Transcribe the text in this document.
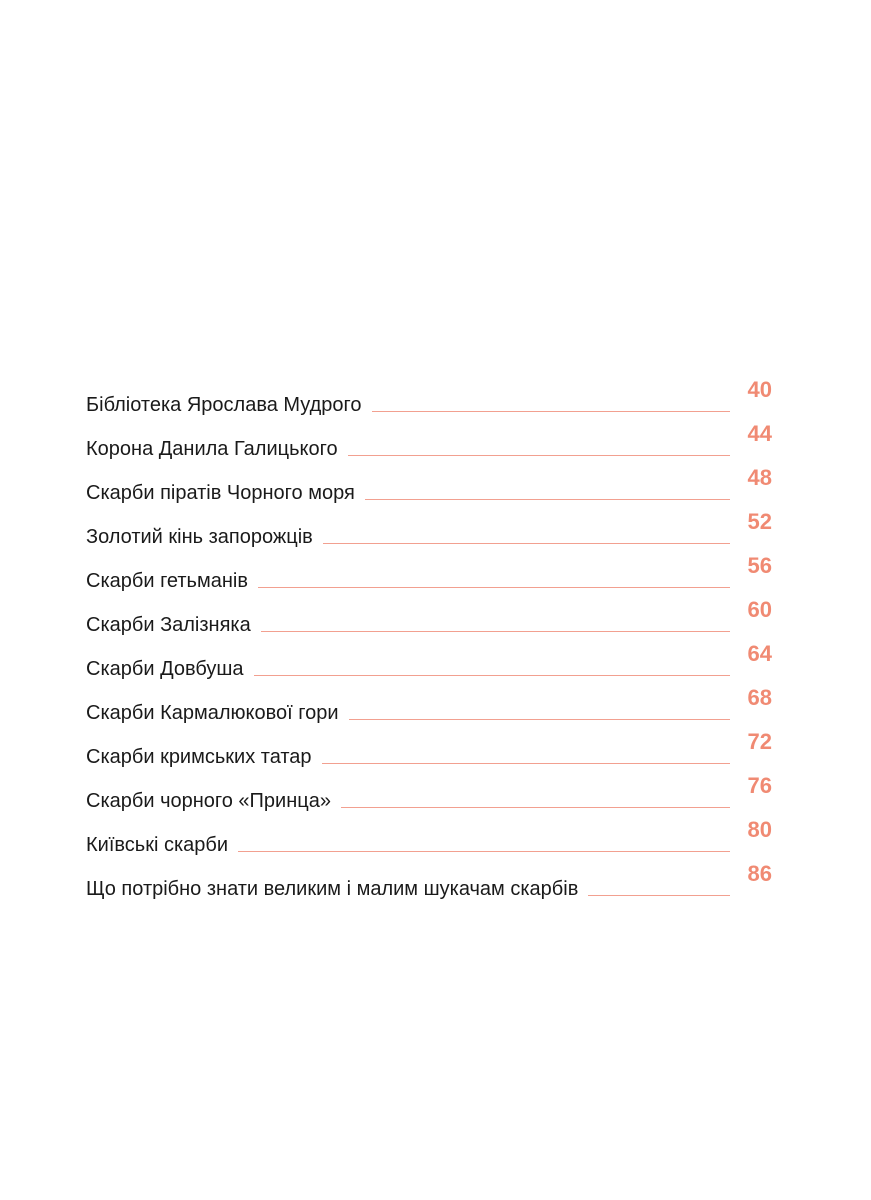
Бібліотека Ярослава Мудрого
40
Корона Данила Галицького
44
Скарби піратів Чорного моря
48
Золотий кінь запорожців
52
Скарби гетьманів
56
Скарби Залізняка
60
Скарби Довбуша
64
Скарби Кармалюкової гори
68
Скарби кримських татар
72
Скарби чорного «Принца»
76
Київські скарби
80
Що потрібно знати великим і малим шукачам скарбів
86
